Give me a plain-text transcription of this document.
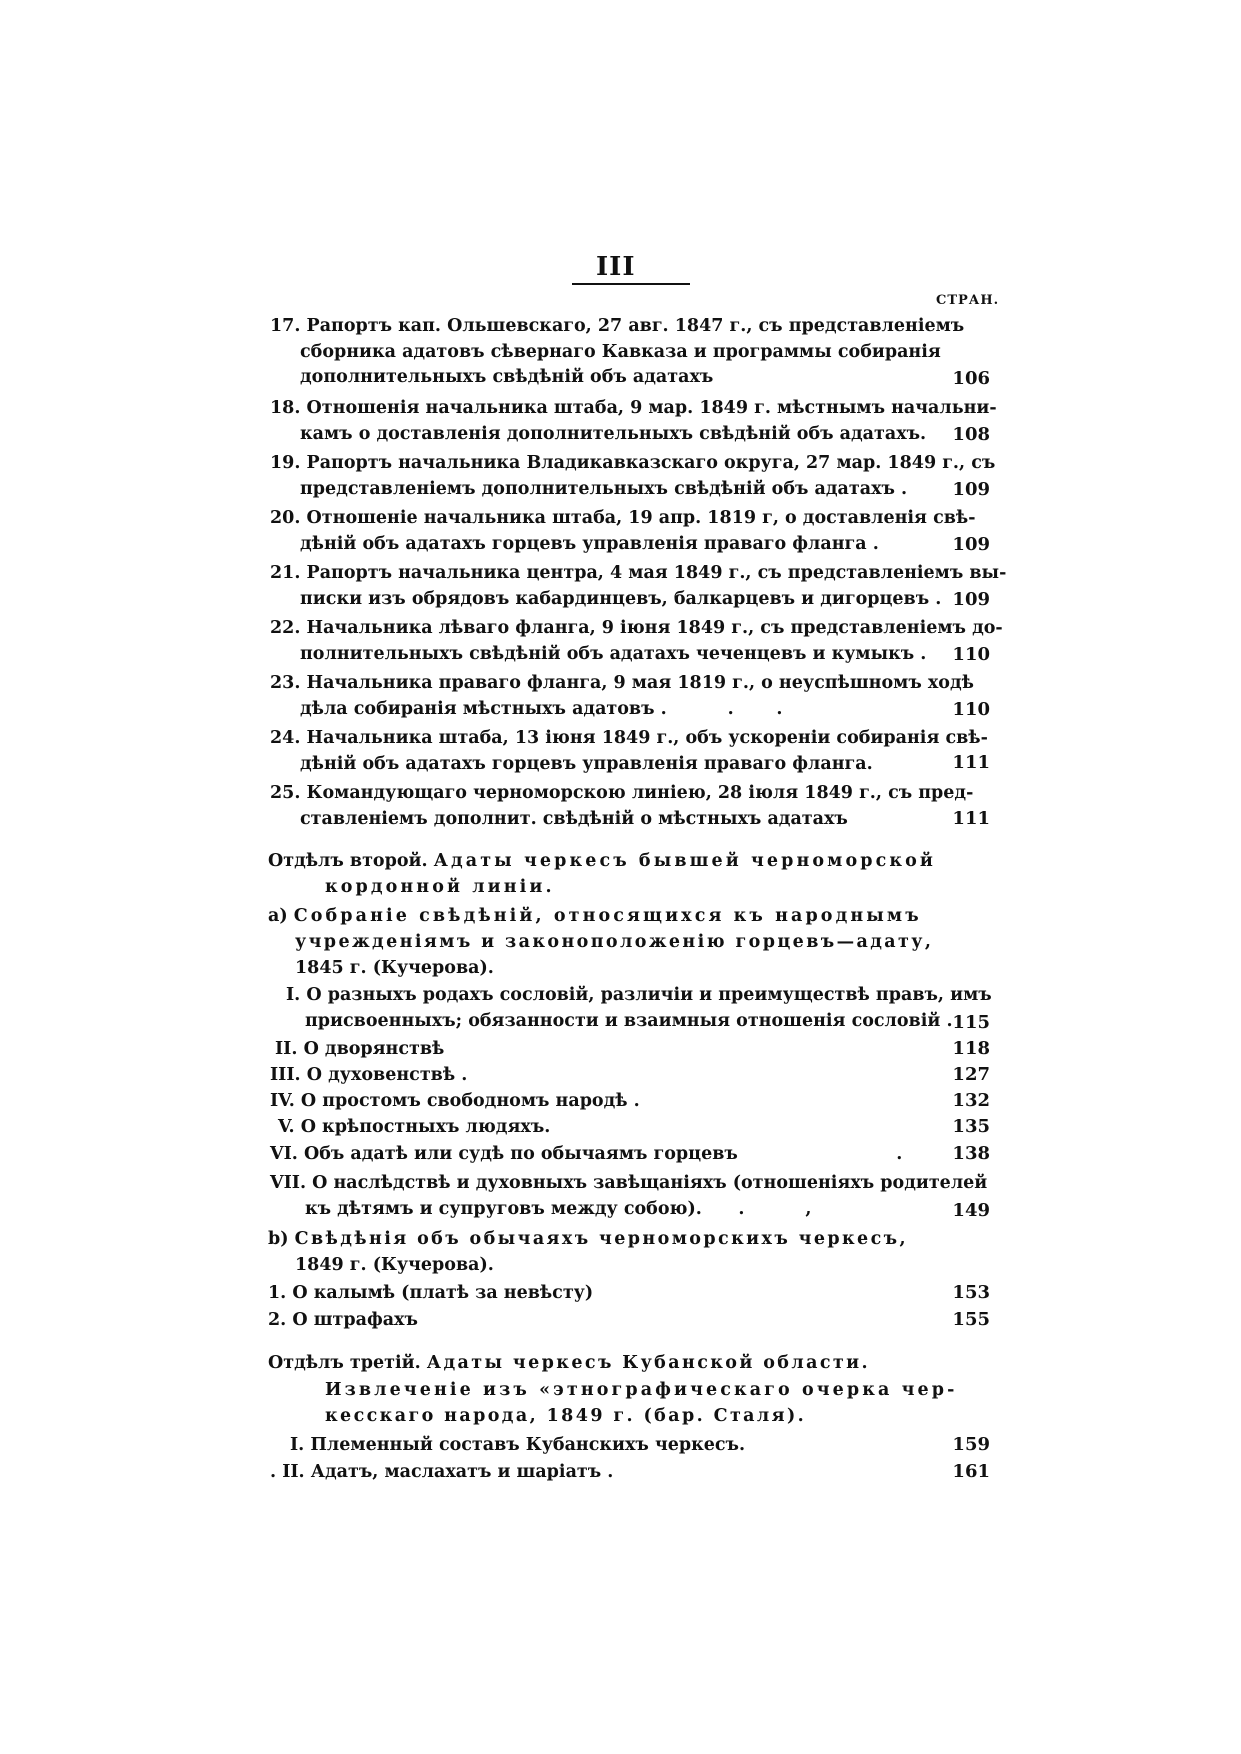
III
СТРАН.
17. Рапортъ кап. Ольшевскаго, 27 авг. 1847 г., съ представленіемъ
сборника адатовъ сѣвернаго Кавказа и программы собиранія
дополнительныхъ свѣдѣній объ адатахъ	106
18. Отношенія начальника штаба, 9 мар. 1849 г. мѣстнымъ начальни-
камъ о доставленія дополнительныхъ свѣдѣній объ адатахъ.	108
19. Рапортъ начальника Владикавказскаго округа, 27 мар. 1849 г., съ
представленіемъ дополнительныхъ свѣдѣній объ адатахъ .	109
20. Отношеніе начальника штаба, 19 апр. 1819 г, о доставленія свѣ-
дѣній объ адатахъ горцевъ управленія праваго фланга .	109
21. Рапортъ начальника центра, 4 мая 1849 г., съ представленіемъ вы-
писки изъ обрядовъ кабардинцевъ, балкарцевъ и дигорцевъ . 109
22. Начальника лѣваго фланга, 9 іюня 1849 г., съ представленіемъ до-
полнительныхъ свѣдѣній объ адатахъ чеченцевъ и кумыкъ .	110
23. Начальника праваго фланга, 9 мая 1819 г., о неуспѣшномъ ходѣ
дѣла собиранія мѣстныхъ адатовъ .          .       .	110
24. Начальника штаба, 13 іюня 1849 г., объ ускореніи собиранія свѣ-
дѣній объ адатахъ горцевъ управленія праваго фланга.	111
25. Командующаго черноморскою линіею, 28 іюля 1849 г., съ пред-
ставленіемъ дополнит. свѣдѣній о мѣстныхъ адатахъ	111
Отдѣлъ второй. Адаты черкесъ бывшей черноморской
кордонной линіи.
a) Собраніе свѣдѣній, относящихся къ народнымъ
учрежденіямъ и законоположенію горцевъ—адату,
1845 г. (Кучерова).
I. О разныхъ родахъ сословій, различіи и преимуществѣ правъ, имъ
присвоенныхъ; обязанности и взаимныя отношенія сословій . 115
II. О дворянствѣ	118
III. О духовенствѣ .	127
IV. О простомъ свободномъ народѣ .	132
V. О крѣпостныхъ людяхъ.	135
VI. Объ адатѣ или судѣ по обычаямъ горцевъ                          .	138
VII. О наслѣдствѣ и духовныхъ завѣщаніяхъ (отношеніяхъ родителей
къ дѣтямъ и супруговъ между собою).      .          ,	149
b) Свѣдѣнія объ обычаяхъ черноморскихъ черкесъ,
1849 г. (Кучерова).
1. О калымѣ (платѣ за невѣсту)	153
2. О штрафахъ	155
Отдѣлъ третій. Адаты черкесъ Кубанской области.
Извлеченіе изъ «этнографическаго очерка чер-
кесскаго народа, 1849 г. (бар. Сталя).
I. Племенный составъ Кубанскихъ черкесъ.	159
. II. Адатъ, маслахатъ и шаріатъ .	161
